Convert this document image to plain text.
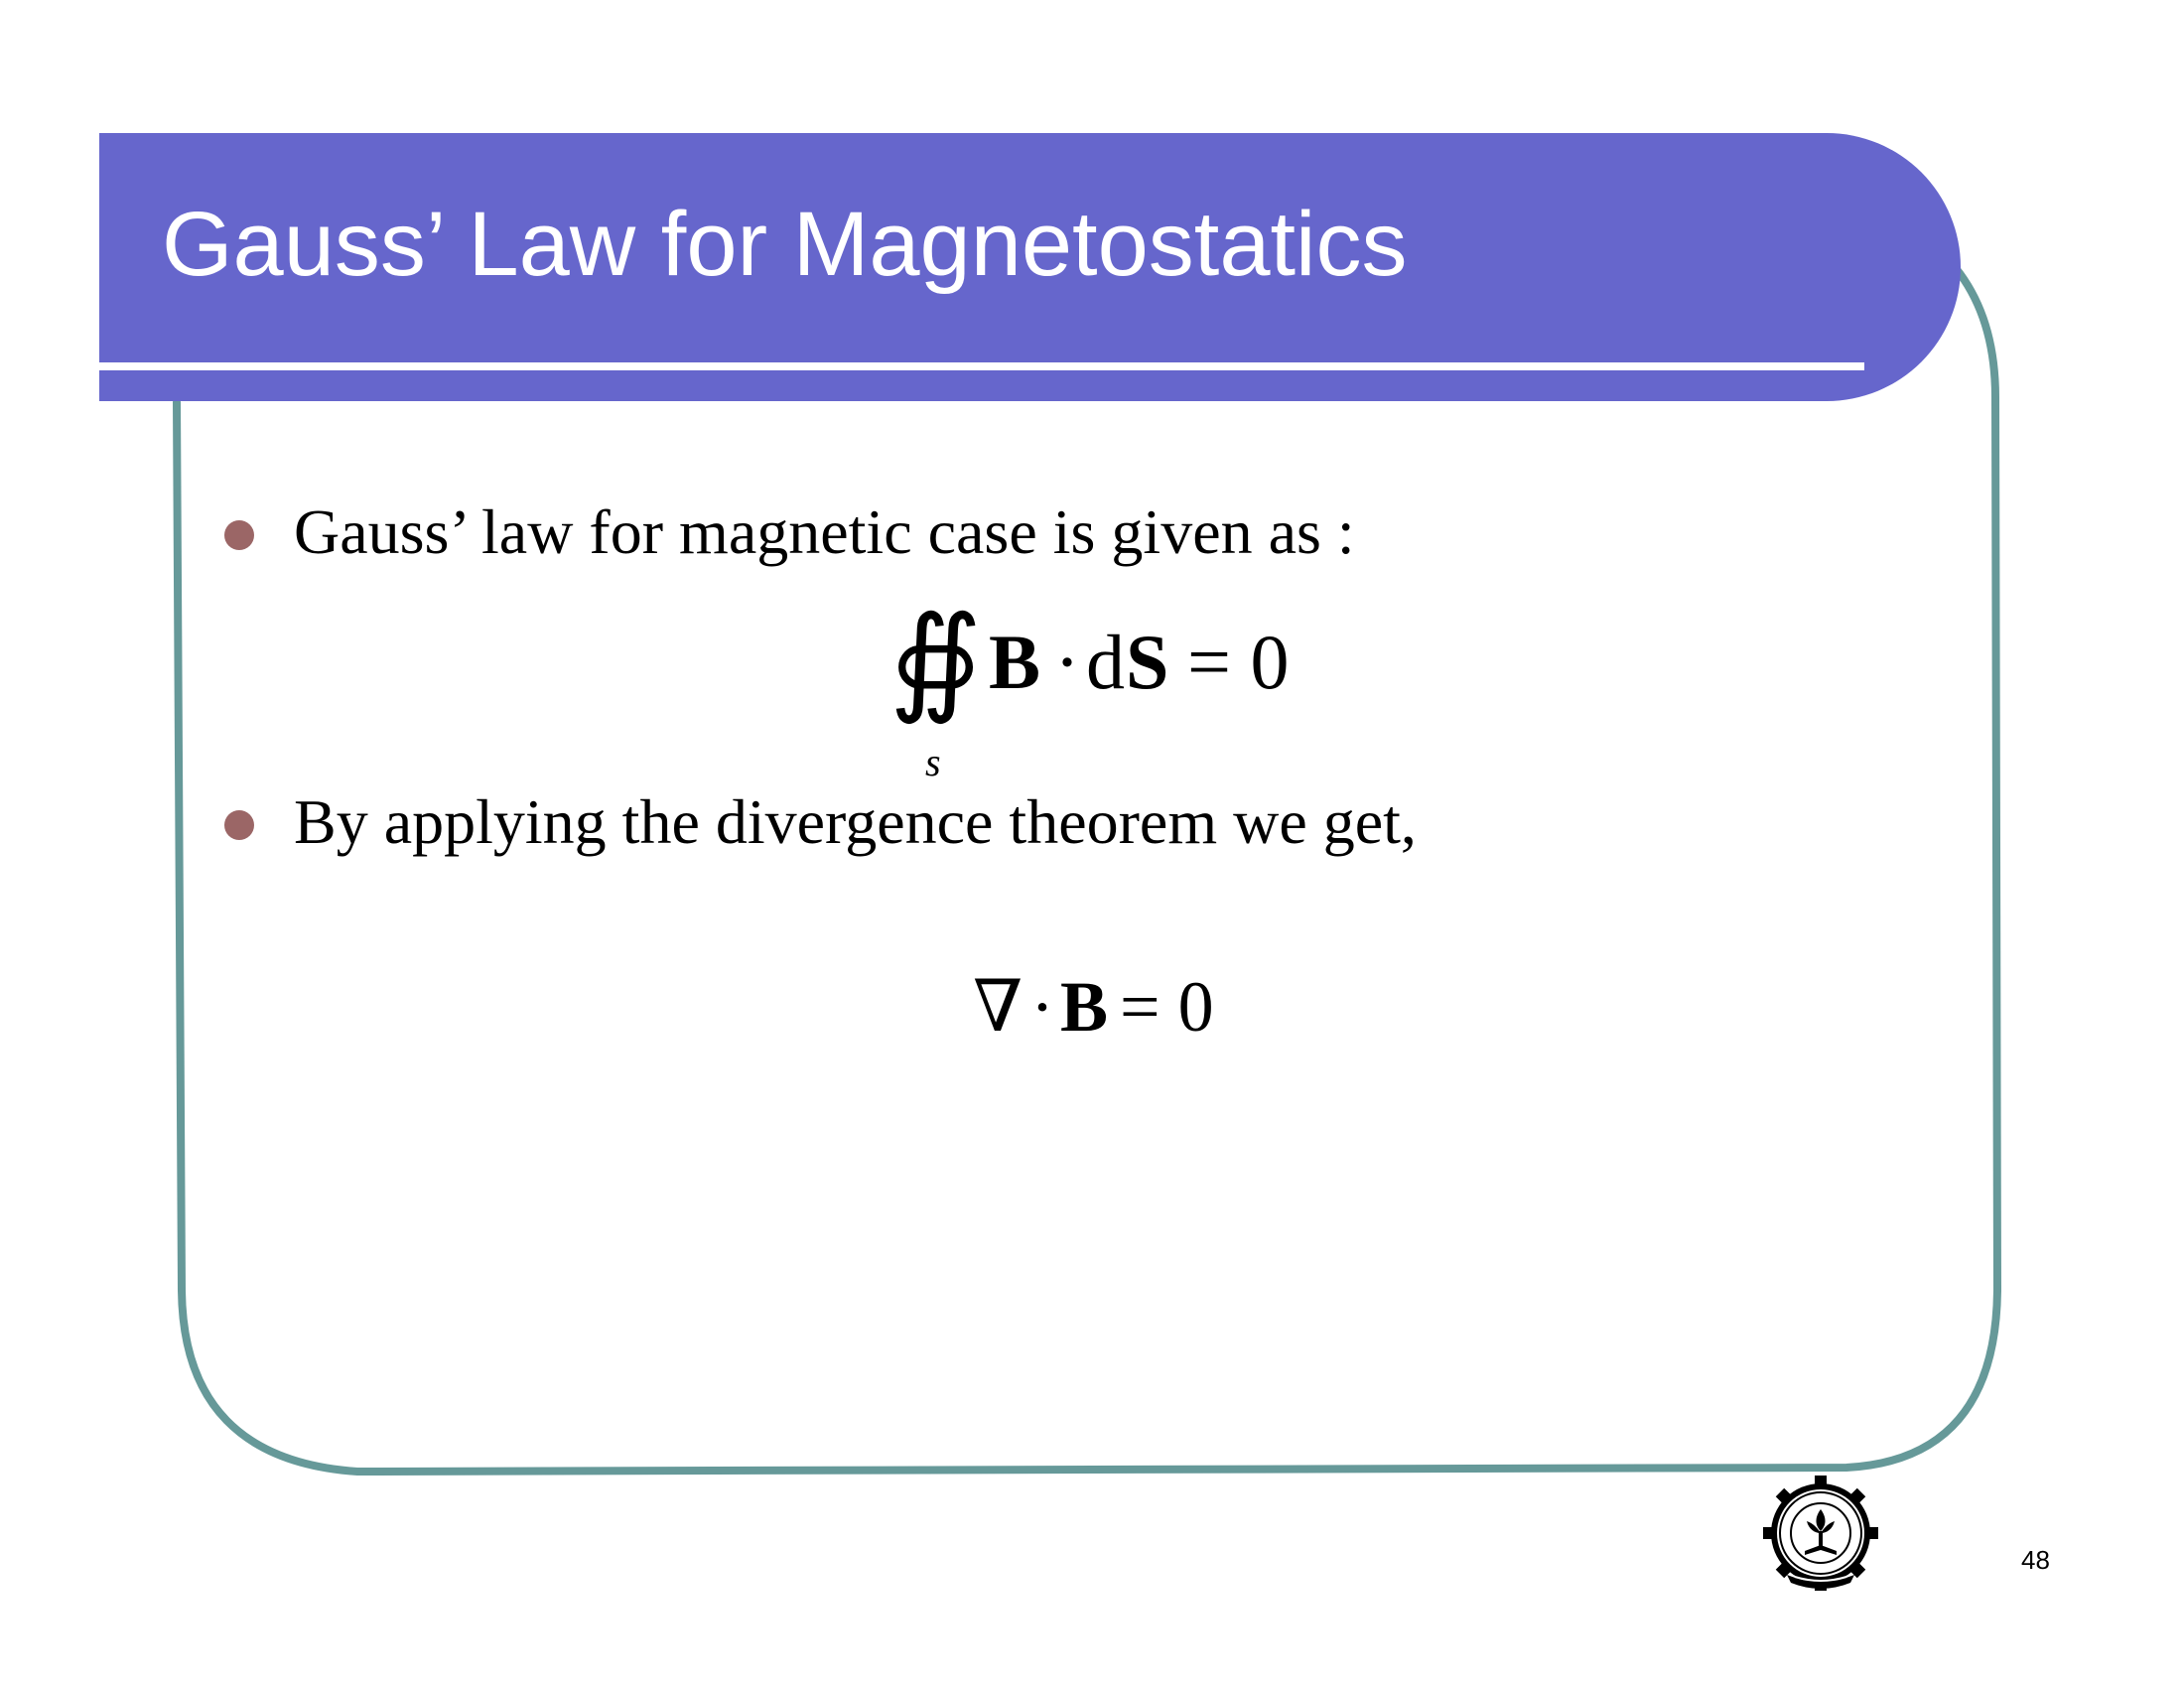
Gauss’ Law for Magnetostatics
Gauss’ law for magnetic case is given as :
∯ B · d S = 0
s
By applying the divergence theorem we get,
∇ · B = 0
48
